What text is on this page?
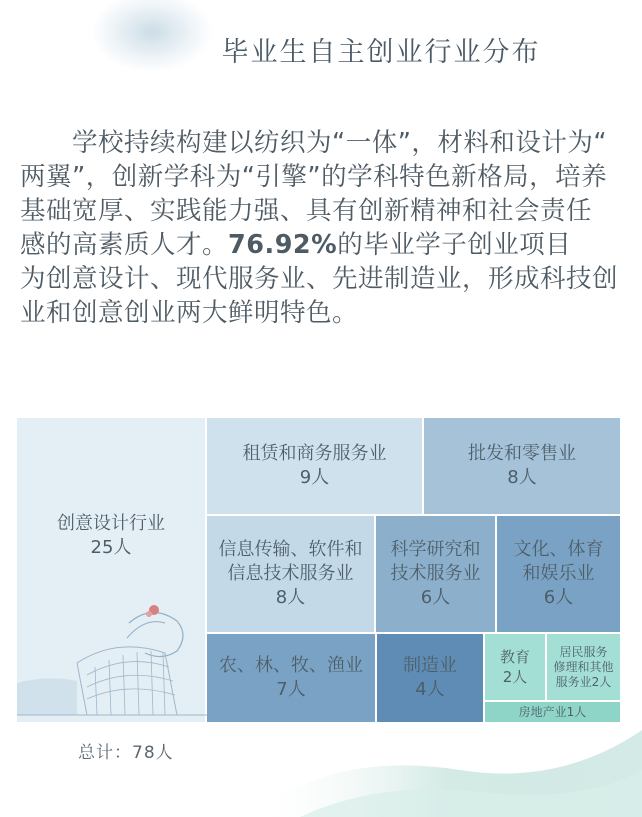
毕业生自主创业行业分布
学校持续构建以纺织为“一体”，材料和设计为“
两翼”，创新学科为“引擎”的学科特色新格局，培养
基础宽厚、实践能力强、具有创新精神和社会责任
感的高素质人才。76.92%的毕业学子创业项目
为创意设计、现代服务业、先进制造业，形成科技创
业和创意创业两大鲜明特色。
创意设计行业
25人
租赁和商务服务业
9人
批发和零售业
8人
信息传输、软件和
信息技术服务业
8人
科学研究和
技术服务业
6人
文化、体育
和娱乐业
6人
农、林、牧、渔业
7人
制造业
4人
教育
2人
居民服务
修理和其他
服务业2人
房地产业1人
总计：78人
